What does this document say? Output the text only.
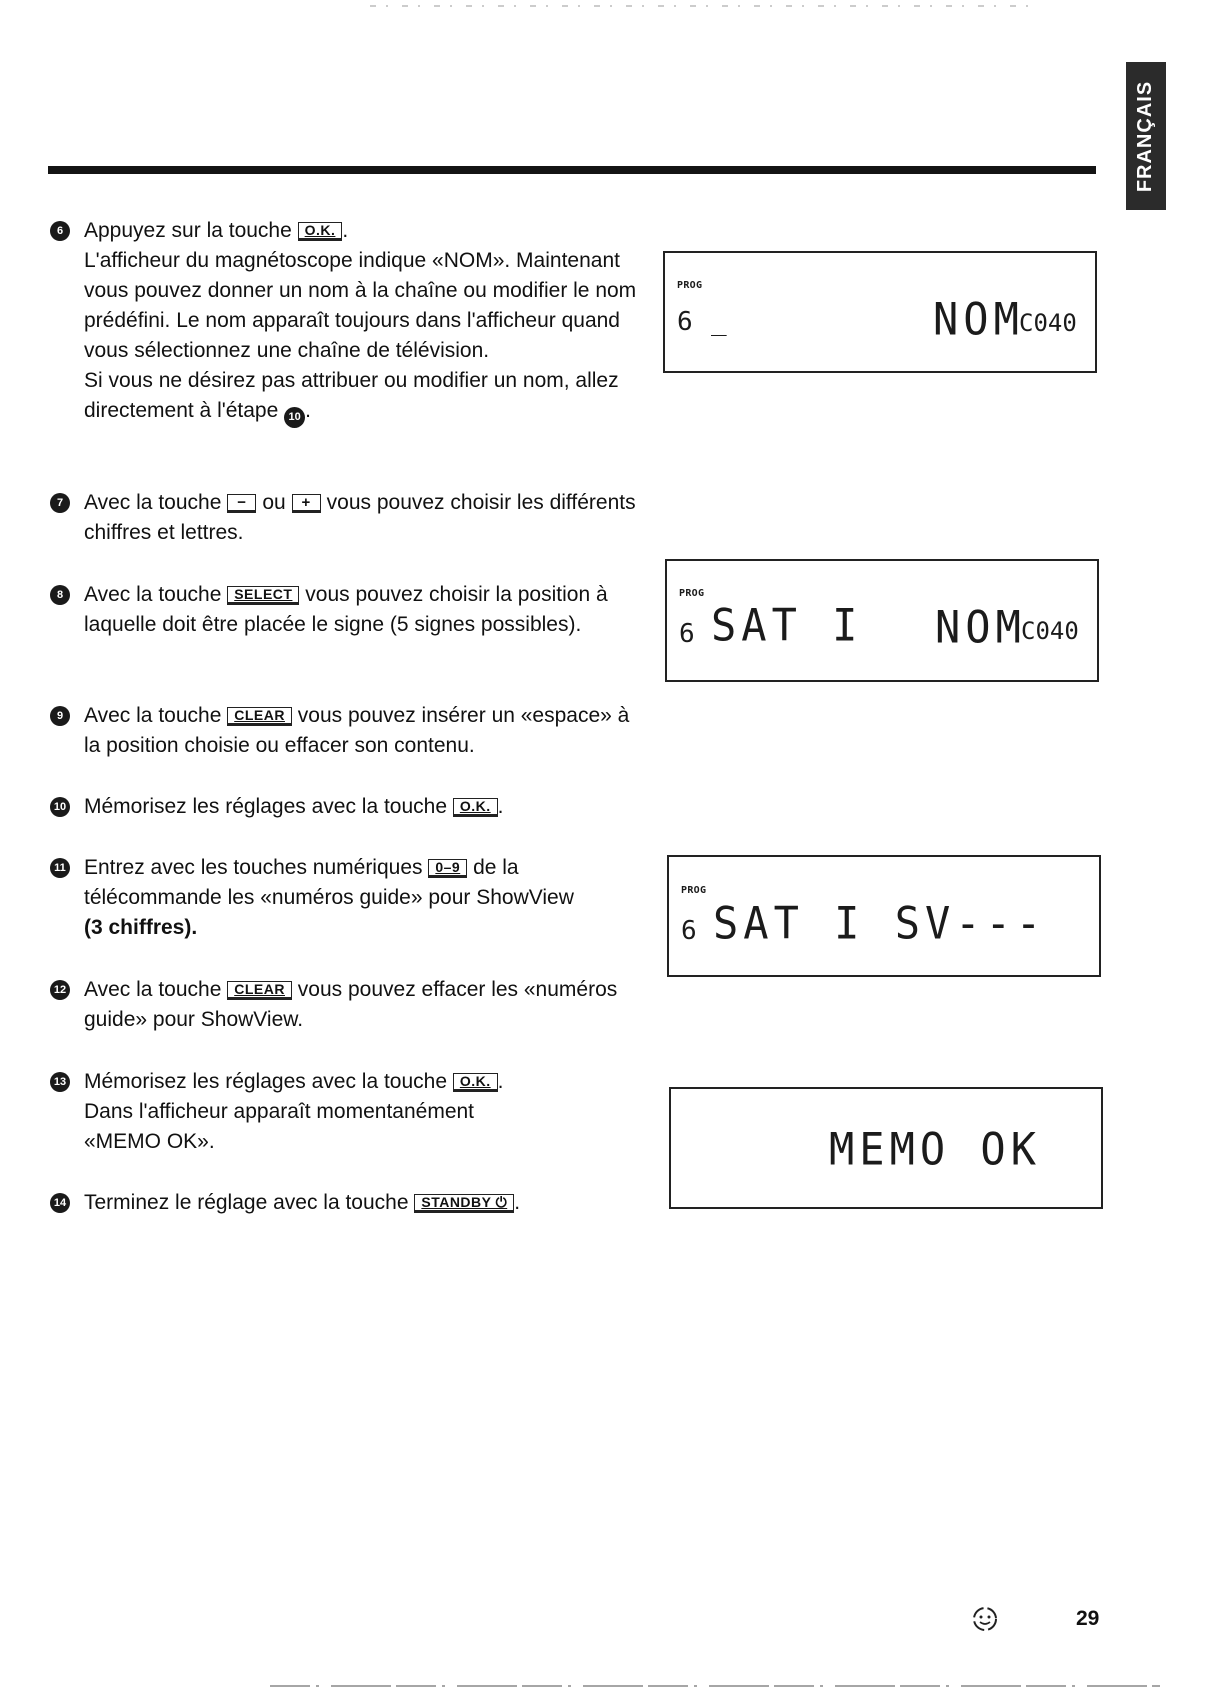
FRANÇAIS
6 Appuyez sur la touche O.K. .

L'afficheur du magnétoscope indique «NOM». Maintenant vous pouvez donner un nom à la chaîne ou modifier le nom prédéfini. Le nom apparaît toujours dans l'afficheur quand vous sélectionnez une chaîne de télévision.

Si vous ne désirez pas attribuer ou modifier un nom, allez directement à l'étape 10 .

7 Avec la touche − ou + vous pouvez choisir les différents chiffres et lettres.

8 Avec la touche SELECT vous pouvez choisir la position à laquelle doit être placée le signe (5 signes possibles).

9 Avec la touche CLEAR vous pouvez insérer un «espace» à la position choisie ou effacer son contenu.

10 Mémorisez les réglages avec la touche O.K. .

11 Entrez avec les touches numériques 0–9 de la télécommande les «numéros guide» pour ShowView
(3 chiffres).

12 Avec la touche CLEAR vous pouvez effacer les «numéros guide» pour ShowView.

13 Mémorisez les réglages avec la touche O.K. .

Dans l'afficheur apparaît momentanément «MEMO OK».

14 Terminez le réglage avec la touche STANDBY ⏻ .

PROG
6 _	NOM
C040
PROG
6 SAT I NOM
C040
PROG
6 SAT I SV---
MEMO OK
29
